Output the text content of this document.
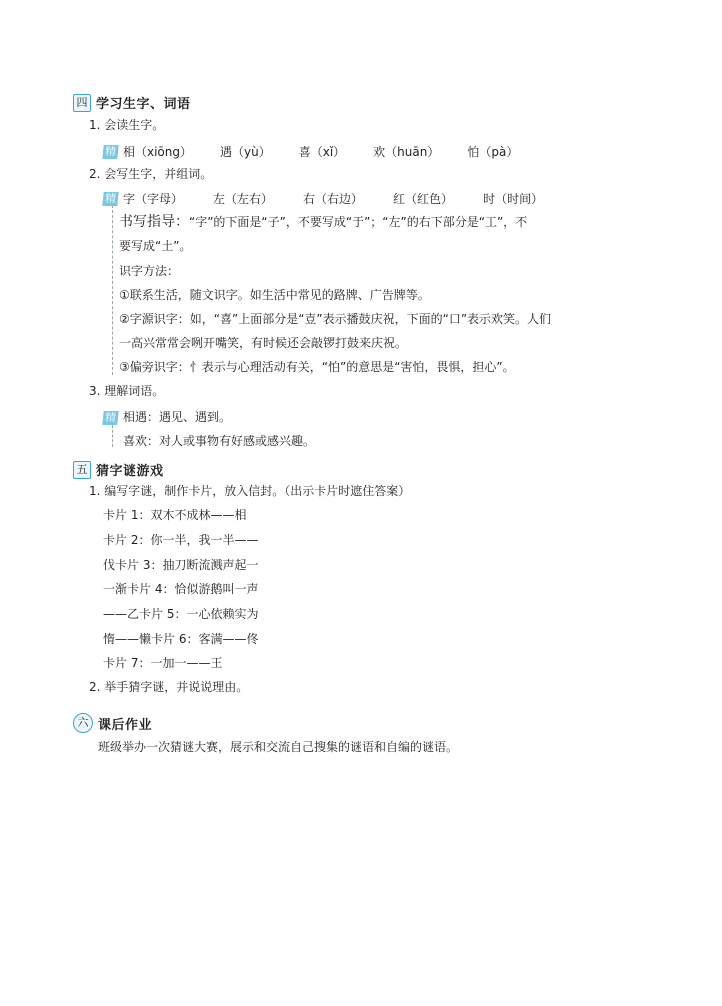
四 学习生字、词语
1. 会读生字。
精 相（xiōng） 遇（yù） 喜（xǐ） 欢（huān） 怕（pà）
2. 会写生字，并组词。
精 字（字母）	左（左右）	右（右边）	红（红色）	时（时间）
书写指导：“字”的下面是“子”，不要写成“于”；“左”的右下部分是“工”，不
要写成“土”。
识字方法：
①联系生活，随文识字。如生活中常见的路牌、广告牌等。
②字源识字：如，“喜”上面部分是“壴”表示播鼓庆祝，下面的“口”表示欢笑。人们
一高兴常常会咧开嘴笑，有时候还会敲锣打鼓来庆祝。
③偏旁识字：忄表示与心理活动有关，“怕”的意思是“害怕，畏惧，担心”。
3. 理解词语。
精 相遇：遇见、遇到。
喜欢：对人或事物有好感或感兴趣。
五 猜字谜游戏
1. 编写字谜，制作卡片，放入信封。（出示卡片时遮住答案）
卡片 1：双木不成林——相
卡片 2：你一半，我一半——
伐卡片 3：抽刀断流溅声起一
一渐卡片 4：恰似游鹅叫一声
——乙卡片 5：一心依赖实为
惰——懒卡片 6：客满——佟
卡片 7：一加一——王
2. 举手猜字谜，并说说理由。
六 课后作业
班级举办一次猜谜大赛，展示和交流自己搜集的谜语和自编的谜语。
